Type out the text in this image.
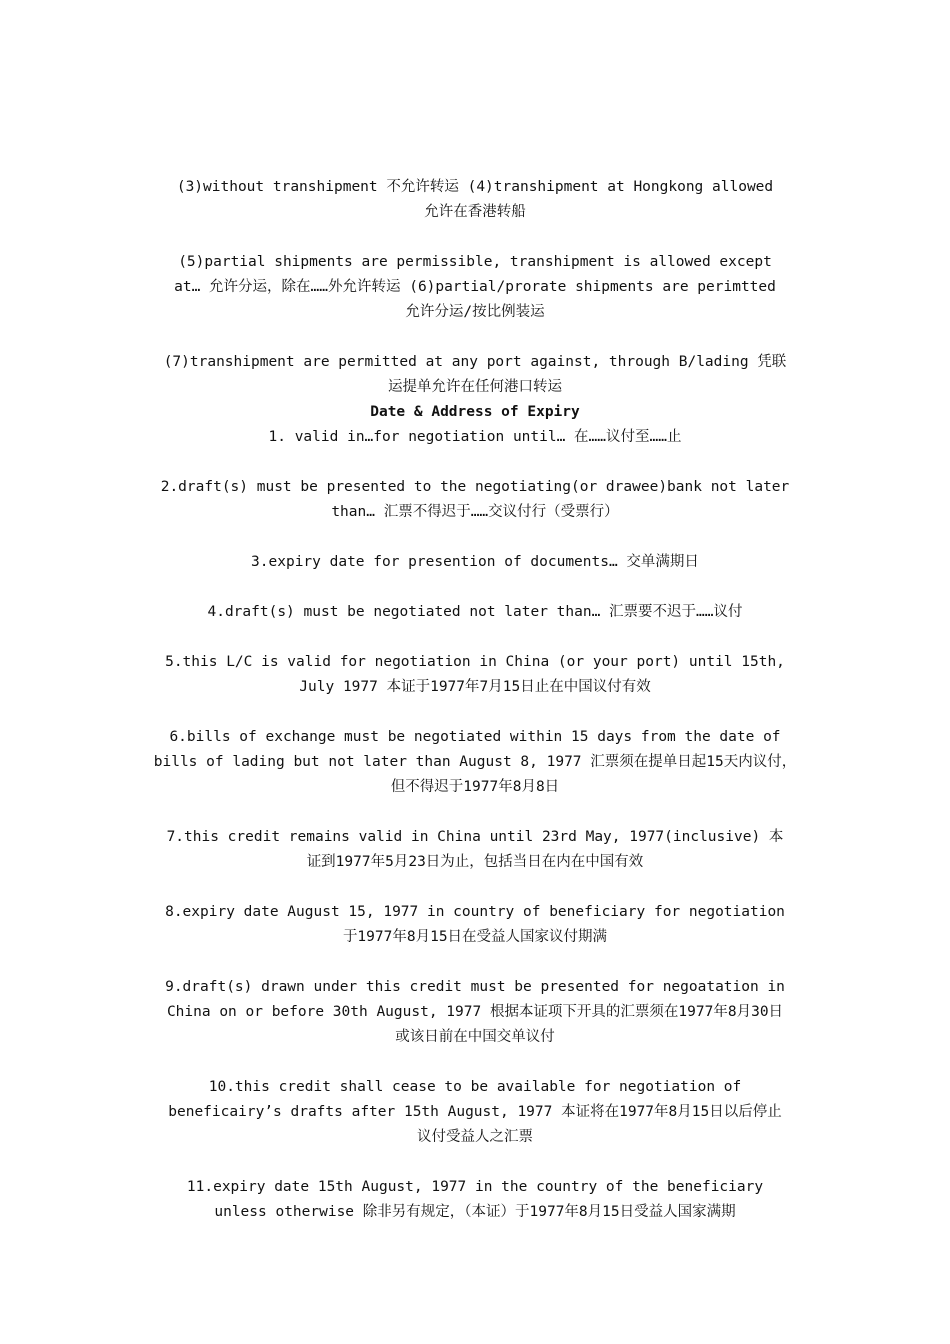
(3)without transhipment 不允许转运 (4)transhipment at Hongkong allowed
允许在香港转船

(5)partial shipments are permissible, transhipment is allowed except
at… 允许分运，除在……外允许转运 (6)partial/prorate shipments are perimtted
允许分运/按比例装运

(7)transhipment are permitted at any port against, through B/lading 凭联
运提单允许在任何港口转运

Date & Address of Expiry

1. valid in…for negotiation until… 在……议付至……止

2.draft(s) must be presented to the negotiating(or drawee)bank not later
than… 汇票不得迟于……交议付行（受票行）

3.expiry date for presention of documents… 交单满期日

4.draft(s) must be negotiated not later than… 汇票要不迟于……议付

5.this L/C is valid for negotiation in China (or your port) until 15th,
July 1977 本证于1977年7月15日止在中国议付有效

6.bills of exchange must be negotiated within 15 days from the date of
bills of lading but not later than August 8, 1977 汇票须在提单日起15天内议付，
但不得迟于1977年8月8日

7.this credit remains valid in China until 23rd May, 1977(inclusive) 本
证到1977年5月23日为止，包括当日在内在中国有效

8.expiry date August 15, 1977 in country of beneficiary for negotiation
于1977年8月15日在受益人国家议付期满

9.draft(s) drawn under this credit must be presented for negoatation in
China on or before 30th August, 1977 根据本证项下开具的汇票须在1977年8月30日
或该日前在中国交单议付

10.this credit shall cease to be available for negotiation of
beneficairy’s drafts after 15th August, 1977 本证将在1977年8月15日以后停止
议付受益人之汇票

11.expiry date 15th August, 1977 in the country of the beneficiary
unless otherwise 除非另有规定，（本证）于1977年8月15日受益人国家满期
